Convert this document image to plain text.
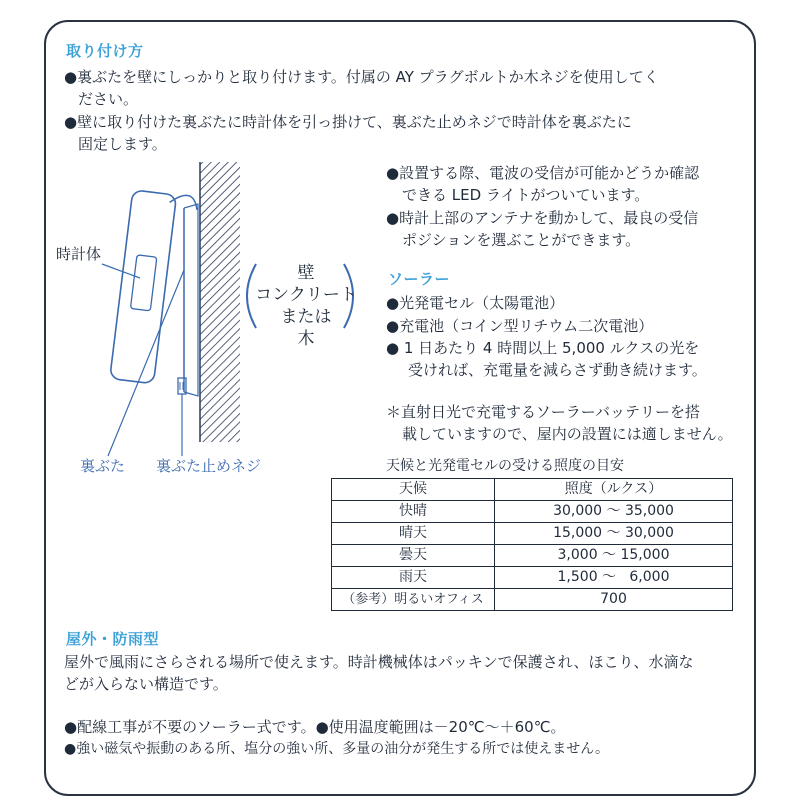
取り付け方
●裏ぶたを壁にしっかりと取り付けます。付属の AY プラグボルトか木ネジを使用してく
ださい。
●壁に取り付けた裏ぶたに時計体を引っ掛けて、裏ぶた止めネジで時計体を裏ぶたに
固定します。
●設置する際、電波の受信が可能かどうか確認
できる LED ライトがついています。
●時計上部のアンテナを動かして、最良の受信
ポジションを選ぶことができます。
時計体
壁
コンクリート
または
木
裏ぶた 裏ぶた止めネジ
ソーラー
●光発電セル（太陽電池）
●充電池（コイン型リチウム二次電池）
● 1 日あたり 4 時間以上 5,000 ルクスの光を
受ければ、充電量を減らさず動き続けます。
＊直射日光で充電するソーラーバッテリーを搭
載していますので、屋内の設置には適しません。
天候と光発電セルの受ける照度の目安
天候	照度（ルクス）
快晴	30,000 〜 35,000
晴天	15,000 〜 30,000
曇天	3,000 〜 15,000
雨天	1,500 〜   6,000
（参考）明るいオフィス	700
屋外・防雨型
屋外で風雨にさらされる場所で使えます。時計機械体はパッキンで保護され、ほこり、水滴な
どが入らない構造です。
●配線工事が不要のソーラー式です。●使用温度範囲は－20℃〜＋60℃。
●強い磁気や振動のある所、塩分の強い所、多量の油分が発生する所では使えません。
